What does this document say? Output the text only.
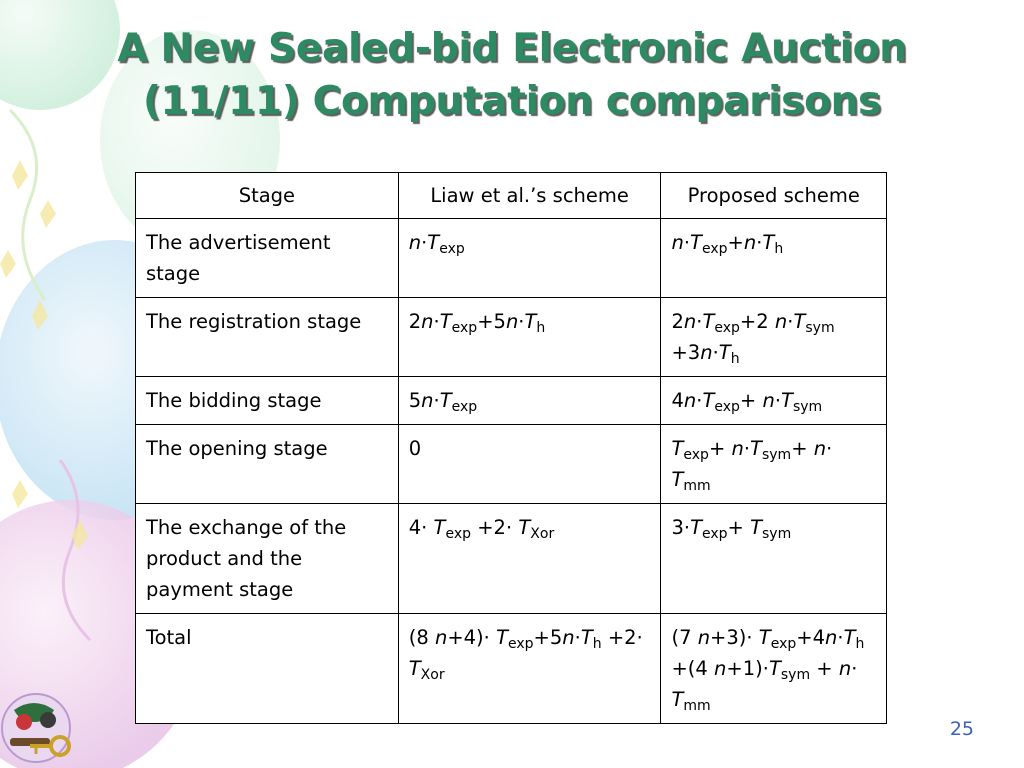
A New Sealed-bid Electronic Auction
(11/11) Computation comparisons
Stage	Liaw et al.’s scheme	Proposed scheme
The advertisement stage	$n\cdot T_{exp}$	$n\cdot T_{exp}+n\cdot T_h$
The registration stage	$2n\cdot T_{exp}+5n\cdot T_h$	$2n\cdot T_{exp}+2$ $n\cdot T_{sym} +3n\cdot T_h$
The bidding stage	$5n\cdot T_{exp}$	$4n\cdot T_{exp}+ n\cdot T_{sym}$
The opening stage	0	$T_{exp}+ n\cdot T_{sym}+ n\cdot T_{mm}$
The exchange of the product and the payment stage	$4\cdot T_{exp} +2\cdot T_{Xor}$	$3\cdot T_{exp}+ T_{sym}$
Total	(8 $n+4)\cdot T_{exp}+5n\cdot T_h +2\cdot T_{Xor}$	(7 $n+3)\cdot T_{exp}+4n\cdot T_h +(4$ $n+1)\cdot T_{sym} + n\cdot T_{mm}$
25
